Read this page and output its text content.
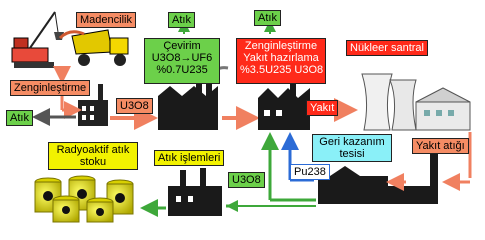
Madencilik
Zenginleştirme
Atık
Atık
Çevirim
U3O8→UF6
%0.7U235
Atık
Zenginleştirme
Yakıt hazırlama
%3.5U235 U3O8
Nükleer santral
U3O8	Yakıt
Yakıt atığı
Geri kazanım
tesisi
Pu238
U3O8
Atık işlemleri
Radyoaktif atık
stoku
